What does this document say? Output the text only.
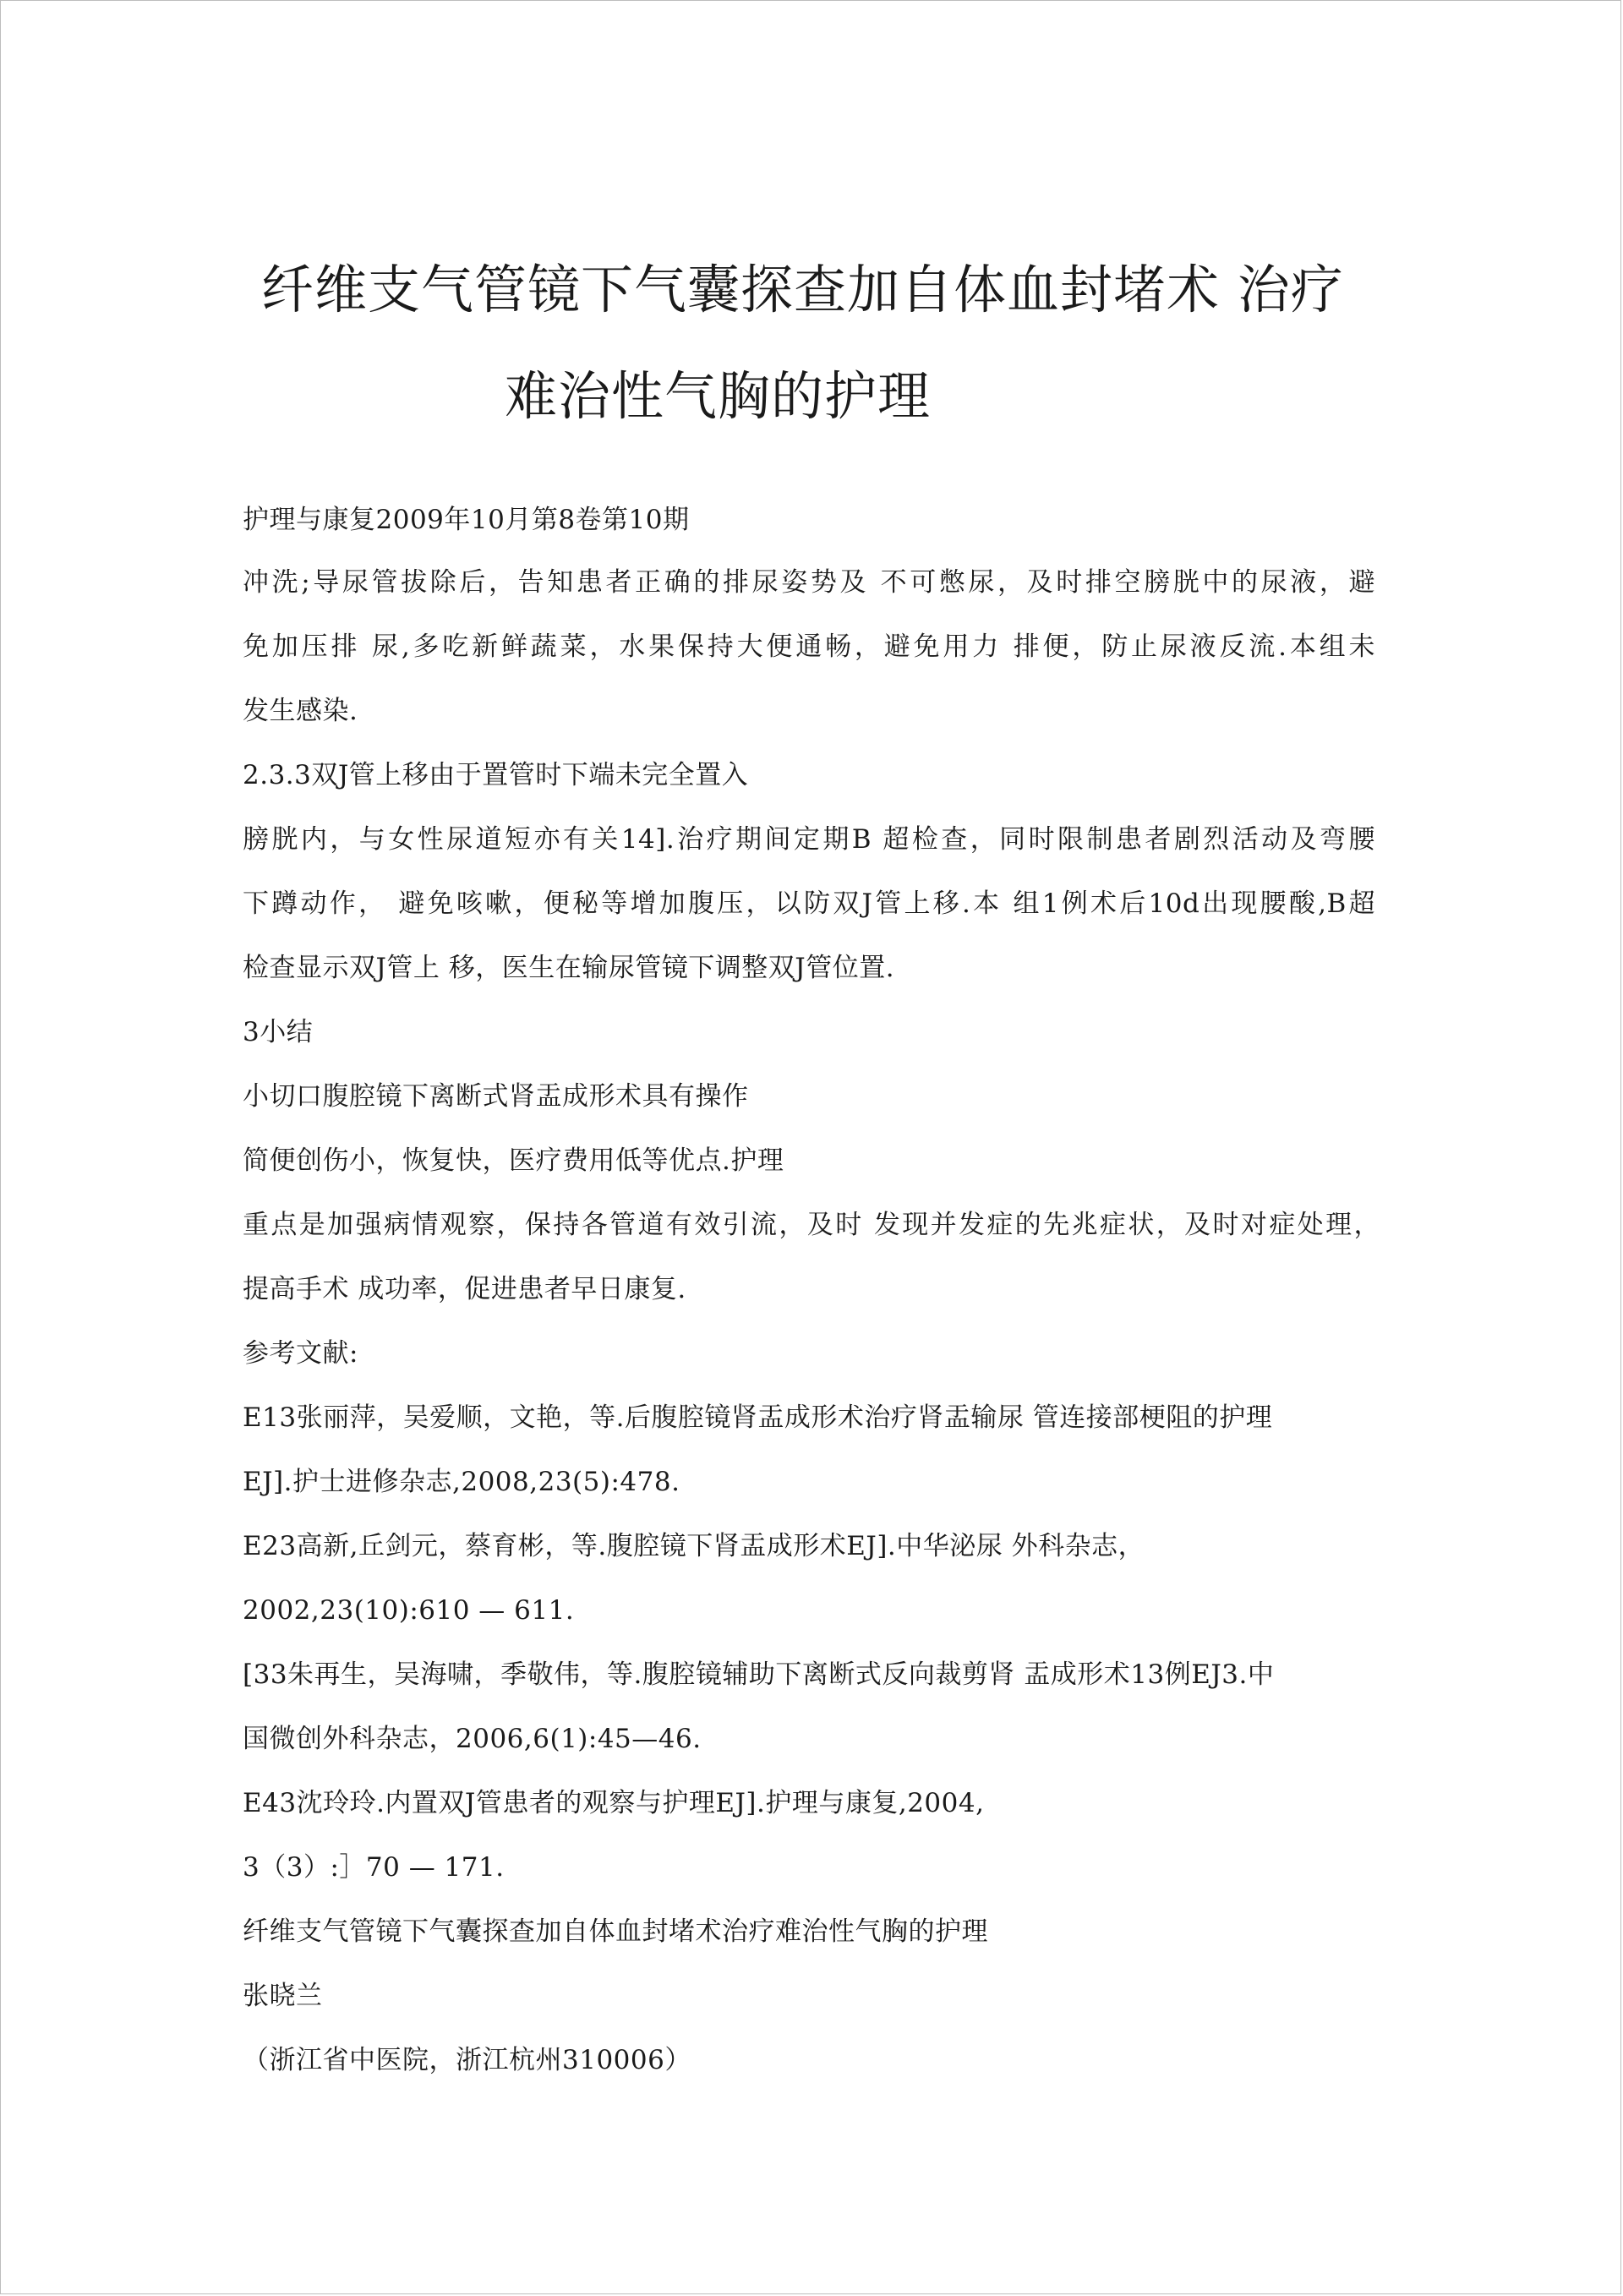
纤维支气管镜下气囊探查加自体血封堵术 治疗
难治性气胸的护理

护理与康复2009年10月第8卷第10期

冲洗;导尿管拔除后，告知患者正确的排尿姿势及 不可憋尿，及时排空膀胱中的尿液，避

免加压排 尿,多吃新鲜蔬菜，水果保持大便通畅，避免用力 排便，防止尿液反流.本组未

发生感染.

2.3.3双J管上移由于置管时下端未完全置入

膀胱内，与女性尿道短亦有关14].治疗期间定期B 超检查，同时限制患者剧烈活动及弯腰

下蹲动作， 避免咳嗽，便秘等增加腹压，以防双J管上移.本 组1例术后10d出现腰酸,B超

检查显示双J管上 移，医生在输尿管镜下调整双J管位置.

3小结

小切口腹腔镜下离断式肾盂成形术具有操作

简便创伤小，恢复快，医疗费用低等优点.护理

重点是加强病情观察，保持各管道有效引流，及时 发现并发症的先兆症状，及时对症处理，

提高手术 成功率，促进患者早日康复.

参考文献:

E13张丽萍，吴爱顺，文艳，等.后腹腔镜肾盂成形术治疗肾盂输尿 管连接部梗阻的护理

EJ].护士进修杂志,2008,23(5):478.

E23高新,丘剑元，蔡育彬，等.腹腔镜下肾盂成形术EJ].中华泌尿 外科杂志，

2002,23(10):610 — 611.

[33朱再生，吴海啸，季敬伟，等.腹腔镜辅助下离断式反向裁剪肾 盂成形术13例EJ3.中

国微创外科杂志，2006,6(1):45—46.

E43沈玲玲.内置双J管患者的观察与护理EJ].护理与康复,2004,

3（3）:］70 — 171.

纤维支气管镜下气囊探查加自体血封堵术治疗难治性气胸的护理

张晓兰

（浙江省中医院，浙江杭州310006）
